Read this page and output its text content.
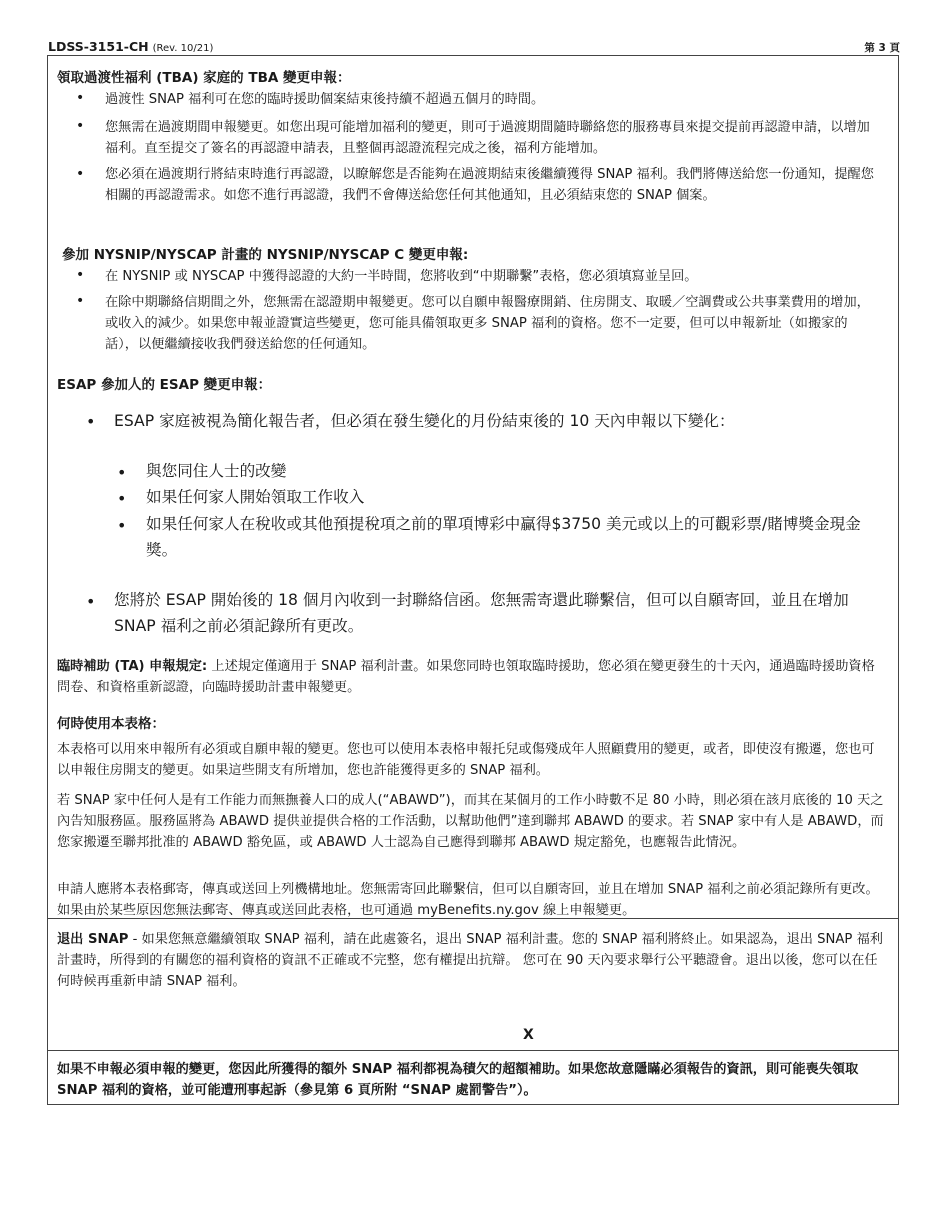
LDSS-3151-CH (Rev. 10/21)	第 3 頁
領取過渡性福利 (TBA) 家庭的 TBA 變更申報：
• 過渡性 SNAP 福利可在您的臨時援助個案結束後持續不超過五個月的時間。
• 您無需在過渡期間申報變更。如您出現可能增加福利的變更，則可于過渡期間隨時聯絡您的服務專員來提交提前再認證申請，以增加福利。直至提交了簽名的再認證申請表，且整個再認證流程完成之後，福利方能增加。
• 您必須在過渡期行將結束時進行再認證，以瞭解您是否能夠在過渡期結束後繼續獲得 SNAP 福利。我們將傳送給您一份通知，提醒您相關的再認證需求。如您不進行再認證，我們不會傳送給您任何其他通知，且必須結束您的 SNAP 個案。
參加 NYSNIP/NYSCAP 計畫的 NYSNIP/NYSCAP C 變更申報:
• 在 NYSNIP 或 NYSCAP 中獲得認證的大約一半時間，您將收到“中期聯繫”表格，您必須填寫並呈回。
• 在除中期聯絡信期間之外，您無需在認證期申報變更。您可以自願申報醫療開銷、住房開支、取暖／空調費或公共事業費用的增加，或收入的減少。如果您申報並證實這些變更，您可能具備領取更多 SNAP 福利的資格。您不一定要，但可以申報新址（如搬家的話），以便繼續接收我們發送給您的任何通知。
ESAP 參加人的 ESAP 變更申報：
• ESAP 家庭被視為簡化報告者，但必須在發生變化的月份結束後的 10 天內申報以下變化：
• 與您同住人士的改變
• 如果任何家人開始領取工作收入
• 如果任何家人在稅收或其他預提稅項之前的單項博彩中贏得$3750 美元或以上的可觀彩票/賭博獎金現金獎。
• 您將於 ESAP 開始後的 18 個月內收到一封聯絡信函。您無需寄還此聯繫信，但可以自願寄回，並且在增加 SNAP 福利之前必須記錄所有更改。
臨時補助 (TA) 申報規定: 上述規定僅適用于 SNAP 福利計畫。如果您同時也領取臨時援助，您必須在變更發生的十天內，通過臨時援助資格問卷、和資格重新認證，向臨時援助計畫申報變更。
何時使用本表格：
本表格可以用來申報所有必須或自願申報的變更。您也可以使用本表格申報托兒或傷殘成年人照顧費用的變更，或者，即使沒有搬遷，您也可以申報住房開支的變更。如果這些開支有所增加，您也許能獲得更多的 SNAP 福利。
若 SNAP 家中任何人是有工作能力而無撫養人口的成人(“ABAWD”)，而其在某個月的工作小時數不足 80 小時，則必須在該月底後的 10 天之內告知服務區。服務區將為 ABAWD 提供並提供合格的工作活動，以幫助他們”達到聯邦 ABAWD 的要求。若 SNAP 家中有人是 ABAWD，而您家搬遷至聯邦批准的 ABAWD 豁免區，或 ABAWD 人士認為自己應得到聯邦 ABAWD 規定豁免，也應報告此情況。
申請人應將本表格郵寄，傳真或送回上列機構地址。您無需寄回此聯繫信，但可以自願寄回，並且在增加 SNAP 福利之前必須記錄所有更改。如果由於某些原因您無法郵寄、傳真或送回此表格，也可通過 myBenefits.ny.gov 線上申報變更。
退出 SNAP - 如果您無意繼續領取 SNAP 福利，請在此處簽名，退出 SNAP 福利計畫。您的 SNAP 福利將終止。如果認為，退出 SNAP 福利計畫時，所得到的有關您的福利資格的資訊不正確或不完整，您有權提出抗辯。 您可在 90 天內要求舉行公平聽證會。退出以後，您可以在任何時候再重新申請 SNAP 福利。
X
如果不申報必須申報的變更，您因此所獲得的額外 SNAP 福利都視為積欠的超額補助。如果您故意隱瞞必須報告的資訊，則可能喪失領取 SNAP 福利的資格，並可能遭刑事起訴（參見第 6 頁所附 “SNAP 處罰警告”）。
